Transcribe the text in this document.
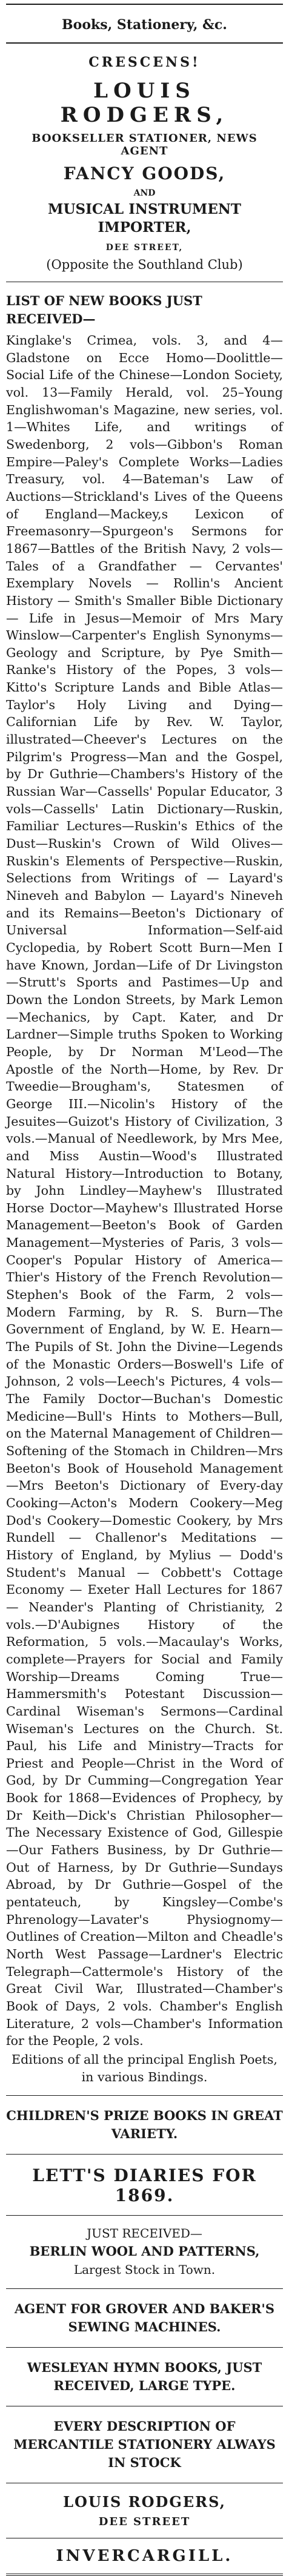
Books, Stationery, &c.
CRESCENS!
LOUIS RODGERS,
BOOKSELLER STATIONER, NEWS AGENT
FANCY GOODS,
AND
MUSICAL INSTRUMENT IMPORTER,
DEE STREET,
(Opposite the Southland Club)
LIST OF NEW BOOKS JUST RECEIVED—

Kinglake's Crimea, vols. 3, and 4—Gladstone on Ecce Homo—Doolittle—Social Life of the Chinese—London Society, vol. 13—Family Herald, vol. 25–Young Englishwoman's Magazine, new series, vol. 1—Whites Life, and writings of Swedenborg, 2 vols—Gibbon's Roman Empire—Paley's Complete Works—Ladies Treasury, vol. 4—Bateman's Law of Auctions—Strickland's Lives of the Queens of England—Mackey,s Lexicon of Freemasonry—Spurgeon's Sermons for 1867—Battles of the British Navy, 2 vols—Tales of a Grandfather — Cervantes' Exemplary Novels — Rollin's Ancient History — Smith's Smaller Bible Dictionary — Life in Jesus—Memoir of Mrs Mary Winslow—Carpenter's English Synonyms—Geology and Scripture, by Pye Smith—Ranke's History of the Popes, 3 vols—Kitto's Scripture Lands and Bible Atlas—Taylor's Holy Living and Dying—Californian Life by Rev. W. Taylor, illustrated—Cheever's Lectures on the Pilgrim's Progress—Man and the Gospel, by Dr Guthrie—Chambers's History of the Russian War—Cassells' Popular Educator, 3 vols—Cassells' Latin Dictionary—Ruskin, Familiar Lectures—Ruskin's Ethics of the Dust—Ruskin's Crown of Wild Olives—Ruskin's Elements of Perspective—Ruskin, Selections from Writings of — Layard's Nineveh and Babylon — Layard's Nineveh and its Remains—Beeton's Dictionary of Universal Information—Self-aid Cyclopedia, by Robert Scott Burn—Men I have Known, Jordan—Life of Dr Livingston—Strutt's Sports and Pastimes—Up and Down the London Streets, by Mark Lemon—Mechanics, by Capt. Kater, and Dr Lardner—Simple truths Spoken to Working People, by Dr Norman M'Leod—The Apostle of the North—Home, by Rev. Dr Tweedie—Brougham's, Statesmen of George III.—Nicolin's History of the Jesuites—Guizot's History of Civilization, 3 vols.—Manual of Needlework, by Mrs Mee, and Miss Austin—Wood's Illustrated Natural History—Introduction to Botany, by John Lindley—Mayhew's Illustrated Horse Doctor—Mayhew's Illustrated Horse Management—Beeton's Book of Garden Management—Mysteries of Paris, 3 vols—Cooper's Popular History of America—Thier's History of the French Revolution—Stephen's Book of the Farm, 2 vols—Modern Farming, by R. S. Burn—The Government of England, by W. E. Hearn—The Pupils of St. John the Divine—Legends of the Monastic Orders—Boswell's Life of Johnson, 2 vols—Leech's Pictures, 4 vols—The Family Doctor—Buchan's Domestic Medicine—Bull's Hints to Mothers—Bull, on the Maternal Management of Children—Softening of the Stomach in Children—Mrs Beeton's Book of Household Management—Mrs Beeton's Dictionary of Every-day Cooking—Acton's Modern Cookery—Meg Dod's Cookery—Domestic Cookery, by Mrs Rundell — Challenor's Meditations — History of England, by Mylius — Dodd's Student's Manual — Cobbett's Cottage Economy — Exeter Hall Lectures for 1867 — Neander's Planting of Christianity, 2 vols.—D'Aubignes History of the Reformation, 5 vols.—Macaulay's Works, complete—Prayers for Social and Family Worship—Dreams Coming True—Hammersmith's Potestant Discussion—Cardinal Wiseman's Sermons—Cardinal Wiseman's Lectures on the Church. St. Paul, his Life and Ministry—Tracts for Priest and People—Christ in the Word of God, by Dr Cumming—Congregation Year Book for 1868—Evidences of Prophecy, by Dr Keith—Dick's Christian Philosopher—The Necessary Existence of God, Gillespie—Our Fathers Business, by Dr Guthrie—Out of Harness, by Dr Guthrie—Sundays Abroad, by Dr Guthrie—Gospel of the pentateuch, by Kingsley—Combe's Phrenology—Lavater's Physiognomy—Outlines of Creation—Milton and Cheadle's North West Passage—Lardner's Electric Telegraph—Cattermole's History of the Great Civil War, Illustrated—Chamber's Book of Days, 2 vols. Chamber's English Literature, 2 vols—Chamber's Information for the People, 2 vols.

Editions of all the principal English Poets, in various Bindings.

CHILDREN'S PRIZE BOOKS IN GREAT VARIETY.
LETT'S DIARIES FOR 1869.
JUST RECEIVED—
BERLIN WOOL AND PATTERNS,
Largest Stock in Town.
AGENT FOR GROVER AND BAKER'S SEWING MACHINES.
WESLEYAN HYMN BOOKS, JUST RECEIVED, LARGE TYPE.
EVERY DESCRIPTION OF MERCANTILE STATIONERY ALWAYS IN STOCK
LOUIS RODGERS,
DEE STREET
INVERCARGILL.
